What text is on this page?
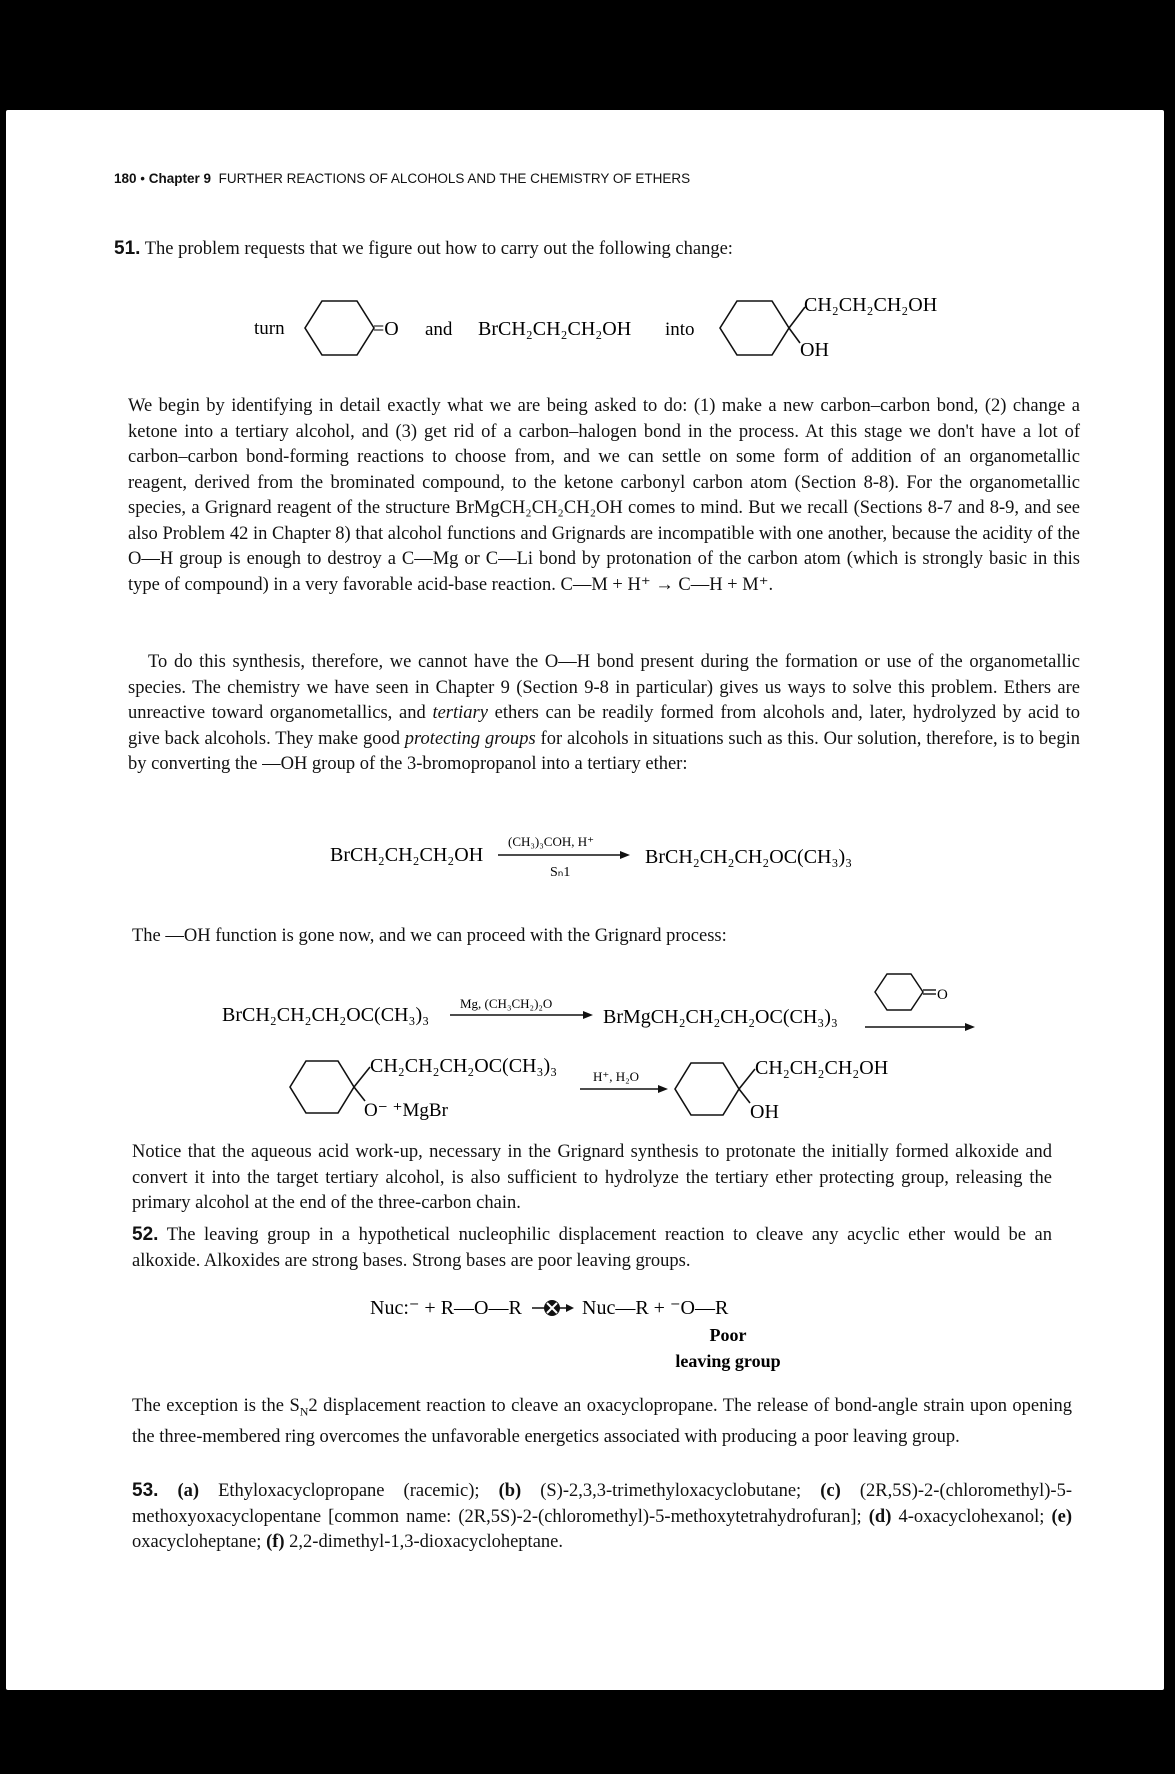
180 • Chapter 9 FURTHER REACTIONS OF ALCOHOLS AND THE CHEMISTRY OF ETHERS
51. The problem requests that we figure out how to carry out the following change:
turn	=O and BrCH₂CH₂CH₂OH into
CH₂CH₂CH₂OH
OH
We begin by identifying in detail exactly what we are being asked to do: (1) make a new carbon–carbon bond, (2) change a ketone into a tertiary alcohol, and (3) get rid of a carbon–halogen bond in the process. At this stage we don't have a lot of carbon–carbon bond-forming reactions to choose from, and we can settle on some form of addition of an organometallic reagent, derived from the brominated compound, to the ketone carbonyl carbon atom (Section 8-8). For the organometallic species, a Grignard reagent of the structure BrMgCH₂CH₂CH₂OH comes to mind. But we recall (Sections 8-7 and 8-9, and see also Problem 42 in Chapter 8) that alcohol functions and Grignards are incompatible with one another, because the acidity of the O—H group is enough to destroy a C—Mg or C—Li bond by protonation of the carbon atom (which is strongly basic in this type of compound) in a very favorable acid-base reaction. C—M + H⁺ → C—H + M⁺.
To do this synthesis, therefore, we cannot have the O—H bond present during the formation or use of the organometallic species. The chemistry we have seen in Chapter 9 (Section 9-8 in particular) gives us ways to solve this problem. Ethers are unreactive toward organometallics, and tertiary ethers can be readily formed from alcohols and, later, hydrolyzed by acid to give back alcohols. They make good protecting groups for alcohols in situations such as this. Our solution, therefore, is to begin by converting the —OH group of the 3-bromopropanol into a tertiary ether:
BrCH₂CH₂CH₂OH
(CH₃)₃COH, H⁺
Sₙ1
BrCH₂CH₂CH₂OC(CH₃)₃
The —OH function is gone now, and we can proceed with the Grignard process:
BrCH₂CH₂CH₂OC(CH₃)₃
Mg, (CH₃CH₂)₂O
BrMgCH₂CH₂CH₂OC(CH₃)₃
O
CH₂CH₂CH₂OC(CH₃)₃
O⁻ ⁺MgBr
H⁺, H₂O	CH₂CH₂CH₂OH
OH
Notice that the aqueous acid work-up, necessary in the Grignard synthesis to protonate the initially formed alkoxide and convert it into the target tertiary alcohol, is also sufficient to hydrolyze the tertiary ether protecting group, releasing the primary alcohol at the end of the three-carbon chain.
52. The leaving group in a hypothetical nucleophilic displacement reaction to cleave any acyclic ether would be an alkoxide. Alkoxides are strong bases. Strong bases are poor leaving groups.
Nuc:⁻ + R—O—R	Nuc—R + ⁻O—R
Poor
leaving group
The exception is the $S_N2$ displacement reaction to cleave an oxacyclopropane. The release of bond-angle strain upon opening the three-membered ring overcomes the unfavorable energetics associated with producing a poor leaving group.
53. (a) Ethyloxacyclopropane (racemic); (b) (S)-2,3,3-trimethyloxacyclobutane; (c) (2R,5S)-2-(chloromethyl)-5-methoxyoxacyclopentane [common name: (2R,5S)-2-(chloromethyl)-5-methoxytetrahydrofuran]; (d) 4-oxacyclohexanol; (e) oxacycloheptane; (f) 2,2-dimethyl-1,3-dioxacycloheptane.
